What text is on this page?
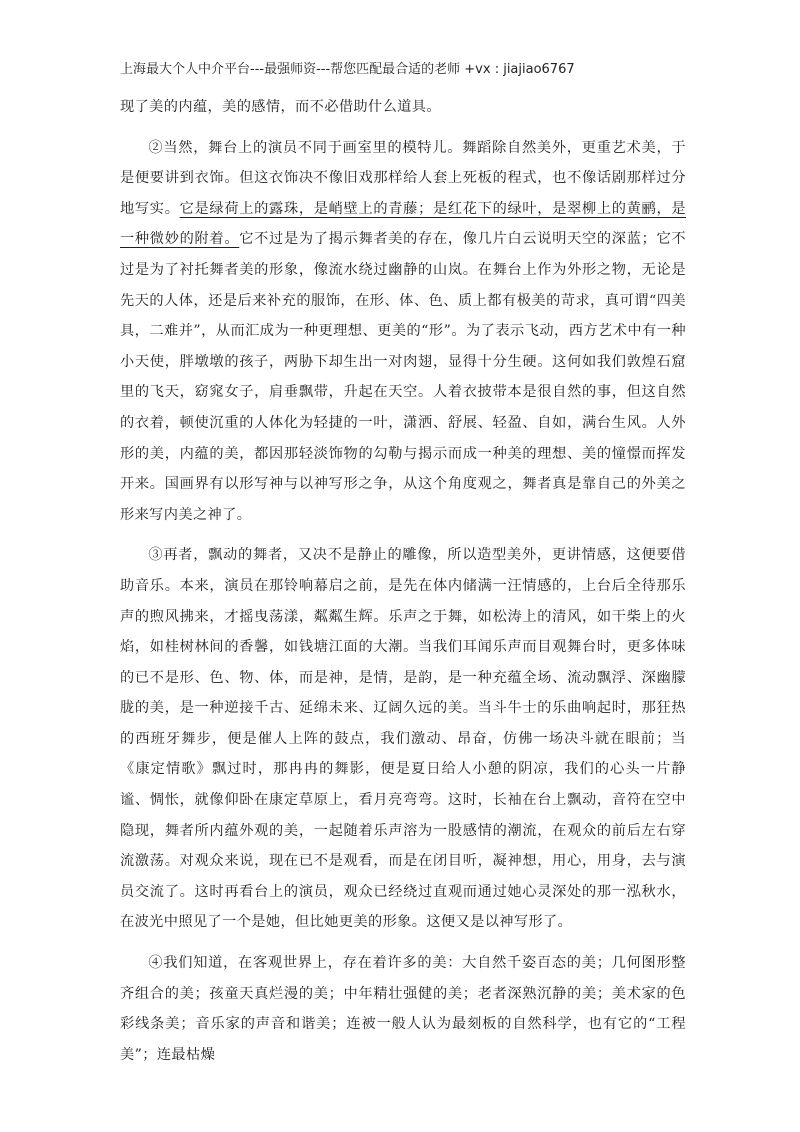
上海最大个人中介平台---最强师资---帮您匹配最合适的老师 +vx : jiajiao6767

现了美的内蕴，美的感情，而不必借助什么道具。

②当然，舞台上的演员不同于画室里的模特儿。舞蹈除自然美外，更重艺术美，于是便要讲到衣饰。但这衣饰决不像旧戏那样给人套上死板的程式，也不像话剧那样过分地写实。它是绿荷上的露珠，是峭壁上的青藤；是红花下的绿叶，是翠柳上的黄鹂，是一种微妙的附着。它不过是为了揭示舞者美的存在，像几片白云说明天空的深蓝；它不过是为了衬托舞者美的形象，像流水绕过幽静的山岚。在舞台上作为外形之物，无论是先天的人体，还是后来补充的服饰，在形、体、色、质上都有极美的苛求，真可谓“四美具，二难并”，从而汇成为一种更理想、更美的“形”。为了表示飞动，西方艺术中有一种小天使，胖墩墩的孩子，两胁下却生出一对肉翅，显得十分生硬。这何如我们敦煌石窟里的飞天，窈窕女子，肩垂飘带，升起在天空。人着衣披带本是很自然的事，但这自然的衣着，顿使沉重的人体化为轻捷的一叶，潇洒、舒展、轻盈、自如，满台生风。人外形的美，内蕴的美，都因那轻淡饰物的勾勒与揭示而成一种美的理想、美的憧憬而挥发开来。国画界有以形写神与以神写形之争，从这个角度观之，舞者真是靠自己的外美之形来写内美之神了。

③再者，飘动的舞者，又决不是静止的雕像，所以造型美外，更讲情感，这便要借助音乐。本来，演员在那铃响幕启之前，是先在体内储满一汪情感的，上台后全待那乐声的煦风拂来，才摇曳荡漾，粼粼生辉。乐声之于舞，如松涛上的清风，如干柴上的火焰，如桂树林间的香馨，如钱塘江面的大潮。当我们耳闻乐声而目观舞台时，更多体味的已不是形、色、物、体，而是神，是情，是韵，是一种充蕴全场、流动飘浮、深幽朦胧的美，是一种逆接千古、延绵未来、辽阔久远的美。当斗牛士的乐曲响起时，那狂热的西班牙舞步，便是催人上阵的鼓点，我们激动、昂奋，仿佛一场决斗就在眼前；当《康定情歌》飘过时，那冉冉的舞影，便是夏日给人小憩的阴凉，我们的心头一片静谧、惆怅，就像仰卧在康定草原上，看月亮弯弯。这时，长袖在台上飘动，音符在空中隐现，舞者所内蕴外观的美，一起随着乐声溶为一股感情的潮流，在观众的前后左右穿流激荡。对观众来说，现在已不是观看，而是在闭目听，凝神想，用心，用身，去与演员交流了。这时再看台上的演员，观众已经绕过直观而通过她心灵深处的那一泓秋水，在波光中照见了一个是她，但比她更美的形象。这便又是以神写形了。

④我们知道，在客观世界上，存在着许多的美：大自然千姿百态的美；几何图形整齐组合的美；孩童天真烂漫的美；中年精壮强健的美；老者深熟沉静的美；美术家的色彩线条美；音乐家的声音和谐美；连被一般人认为最刻板的自然科学，也有它的“工程美”；连最枯燥
